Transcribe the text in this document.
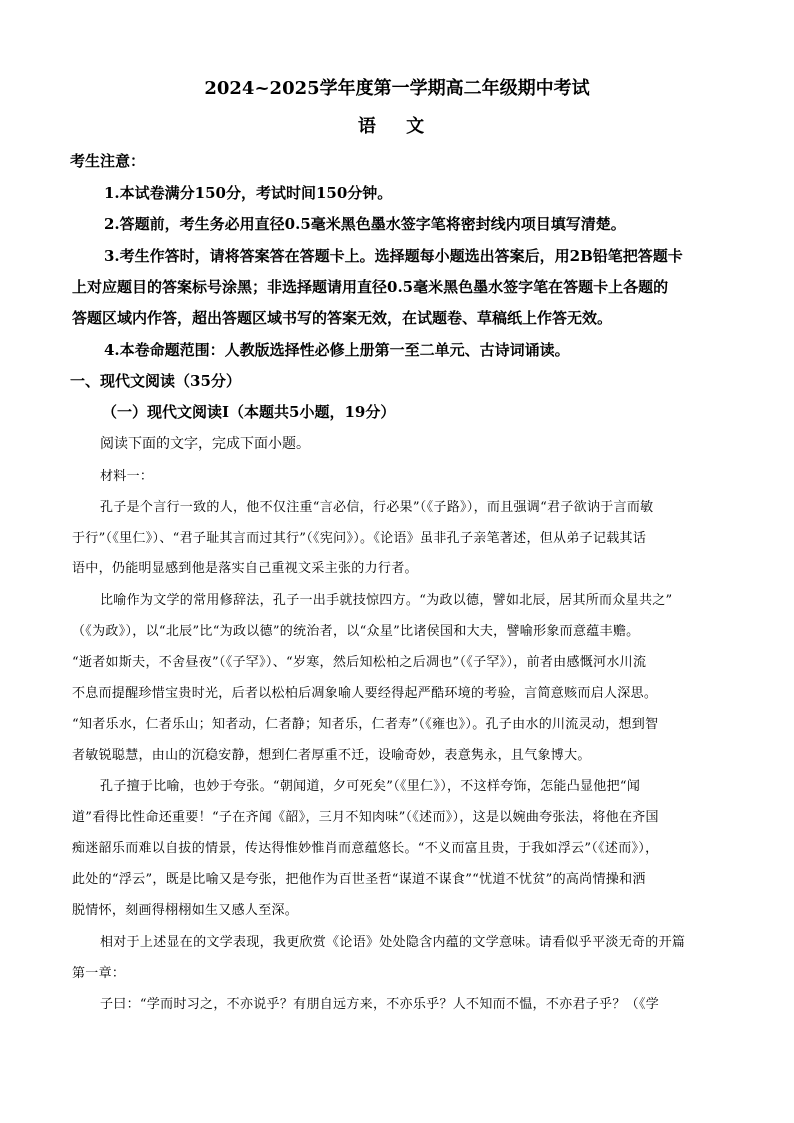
2024~2025学年度第一学期高二年级期中考试
语 文
考生注意：
1.本试卷满分150分，考试时间150分钟。
2.答题前，考生务必用直径0.5毫米黑色墨水签字笔将密封线内项目填写清楚。
3.考生作答时，请将答案答在答题卡上。选择题每小题选出答案后，用2B铅笔把答题卡
上对应题目的答案标号涂黑；非选择题请用直径0.5毫米黑色墨水签字笔在答题卡上各题的
答题区域内作答，超出答题区域书写的答案无效，在试题卷、草稿纸上作答无效。
4.本卷命题范围：人教版选择性必修上册第一至二单元、古诗词诵读。
一、现代文阅读（35分）
（一）现代文阅读Ⅰ（本题共5小题，19分）
阅读下面的文字，完成下面小题。
材料一：
孔子是个言行一致的人，他不仅注重“言必信，行必果”（《子路》），而且强调“君子欲讷于言而敏
于行”（《里仁》）、“君子耻其言而过其行”（《宪问》）。《论语》虽非孔子亲笔著述，但从弟子记载其话
语中，仍能明显感到他是落实自己重视文采主张的力行者。
比喻作为文学的常用修辞法，孔子一出手就技惊四方。“为政以德，譬如北辰，居其所而众星共之”
（《为政》），以“北辰”比“为政以德”的统治者，以“众星”比诸侯国和大夫，譬喻形象而意蕴丰赡。
“逝者如斯夫，不舍昼夜”（《子罕》）、“岁寒，然后知松柏之后凋也”（《子罕》），前者由感慨河水川流
不息而提醒珍惜宝贵时光，后者以松柏后凋象喻人要经得起严酷环境的考验，言简意赅而启人深思。
“知者乐水，仁者乐山；知者动，仁者静；知者乐，仁者寿”（《雍也》）。孔子由水的川流灵动，想到智
者敏锐聪慧，由山的沉稳安静，想到仁者厚重不迁，设喻奇妙，表意隽永，且气象博大。
孔子擅于比喻，也妙于夸张。“朝闻道，夕可死矣”（《里仁》），不这样夸饰，怎能凸显他把“闻
道”看得比性命还重要！“子在齐闻《韶》，三月不知肉味”（《述而》），这是以婉曲夸张法，将他在齐国
痴迷韶乐而难以自拔的情景，传达得惟妙惟肖而意蕴悠长。“不义而富且贵，于我如浮云”（《述而》），
此处的“浮云”，既是比喻又是夸张，把他作为百世圣哲“谋道不谋食”“忧道不忧贫”的高尚情操和洒
脱情怀，刻画得栩栩如生又感人至深。
相对于上述显在的文学表现，我更欣赏《论语》处处隐含内蕴的文学意味。请看似乎平淡无奇的开篇
第一章：
子曰：“学而时习之，不亦说乎？有朋自远方来，不亦乐乎？人不知而不愠，不亦君子乎？（《学
